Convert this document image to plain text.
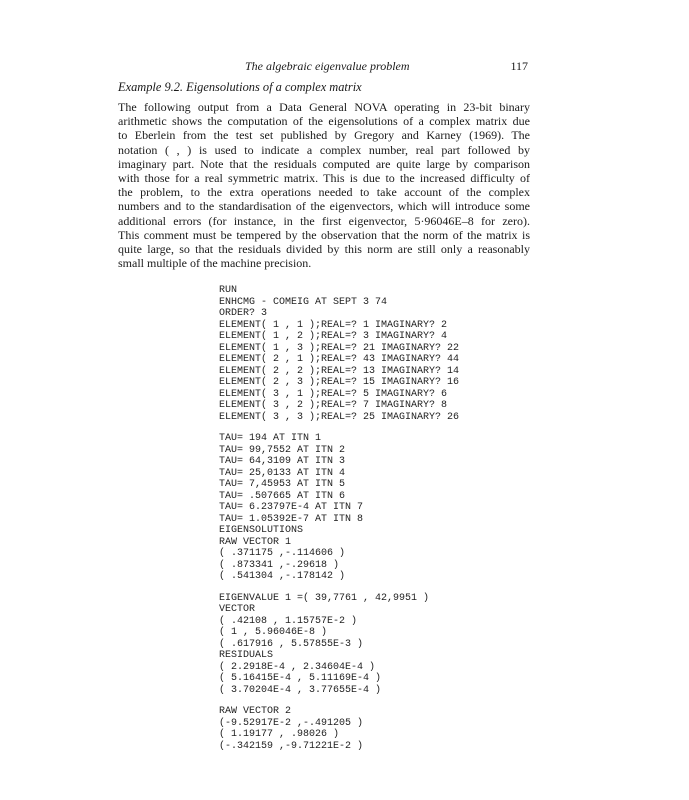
The algebraic eigenvalue problem	117
Example 9.2. Eigensolutions of a complex matrix
The following output from a Data General NOVA operating in 23-bit binary
arithmetic shows the computation of the eigensolutions of a complex matrix due
to Eberlein from the test set published by Gregory and Karney (1969). The
notation ( , ) is used to indicate a complex number, real part followed by
imaginary part. Note that the residuals computed are quite large by comparison
with those for a real symmetric matrix. This is due to the increased difficulty of
the problem, to the extra operations needed to take account of the complex
numbers and to the standardisation of the eigenvectors, which will introduce some
additional errors (for instance, in the first eigenvector, 5·96046E–8 for zero).
This comment must be tempered by the observation that the norm of the matrix is
quite large, so that the residuals divided by this norm are still only a reasonably
small multiple of the machine precision.
RUN
ENHCMG - COMEIG AT SEPT 3 74
ORDER? 3
ELEMENT( 1 , 1 );REAL=? 1 IMAGINARY? 2
ELEMENT( 1 , 2 );REAL=? 3 IMAGINARY? 4
ELEMENT( 1 , 3 );REAL=? 21 IMAGINARY? 22
ELEMENT( 2 , 1 );REAL=? 43 IMAGINARY? 44
ELEMENT( 2 , 2 );REAL=? 13 IMAGINARY? 14
ELEMENT( 2 , 3 );REAL=? 15 IMAGINARY? 16
ELEMENT( 3 , 1 );REAL=? 5 IMAGINARY? 6
ELEMENT( 3 , 2 );REAL=? 7 IMAGINARY? 8
ELEMENT( 3 , 3 );REAL=? 25 IMAGINARY? 26
TAU= 194 AT ITN 1
TAU= 99,7552 AT ITN 2
TAU= 64,3109 AT ITN 3
TAU= 25,0133 AT ITN 4
TAU= 7,45953 AT ITN 5
TAU= .507665 AT ITN 6
TAU= 6.23797E-4 AT ITN 7
TAU= 1.05392E-7 AT ITN 8
EIGENSOLUTIONS
RAW VECTOR 1
( .371175 ,-.114606 )
( .873341 ,-.29618 )
( .541304 ,-.178142 )
EIGENVALUE 1 =( 39,7761 , 42,9951 )
VECTOR
( .42108 , 1.15757E-2 )
( 1 , 5.96046E-8 )
( .617916 , 5.57855E-3 )
RESIDUALS
( 2.2918E-4 , 2.34604E-4 )
( 5.16415E-4 , 5.11169E-4 )
( 3.70204E-4 , 3.77655E-4 )
RAW VECTOR 2
(-9.52917E-2 ,-.491205 )
( 1.19177 , .98026 )
(-.342159 ,-9.71221E-2 )
